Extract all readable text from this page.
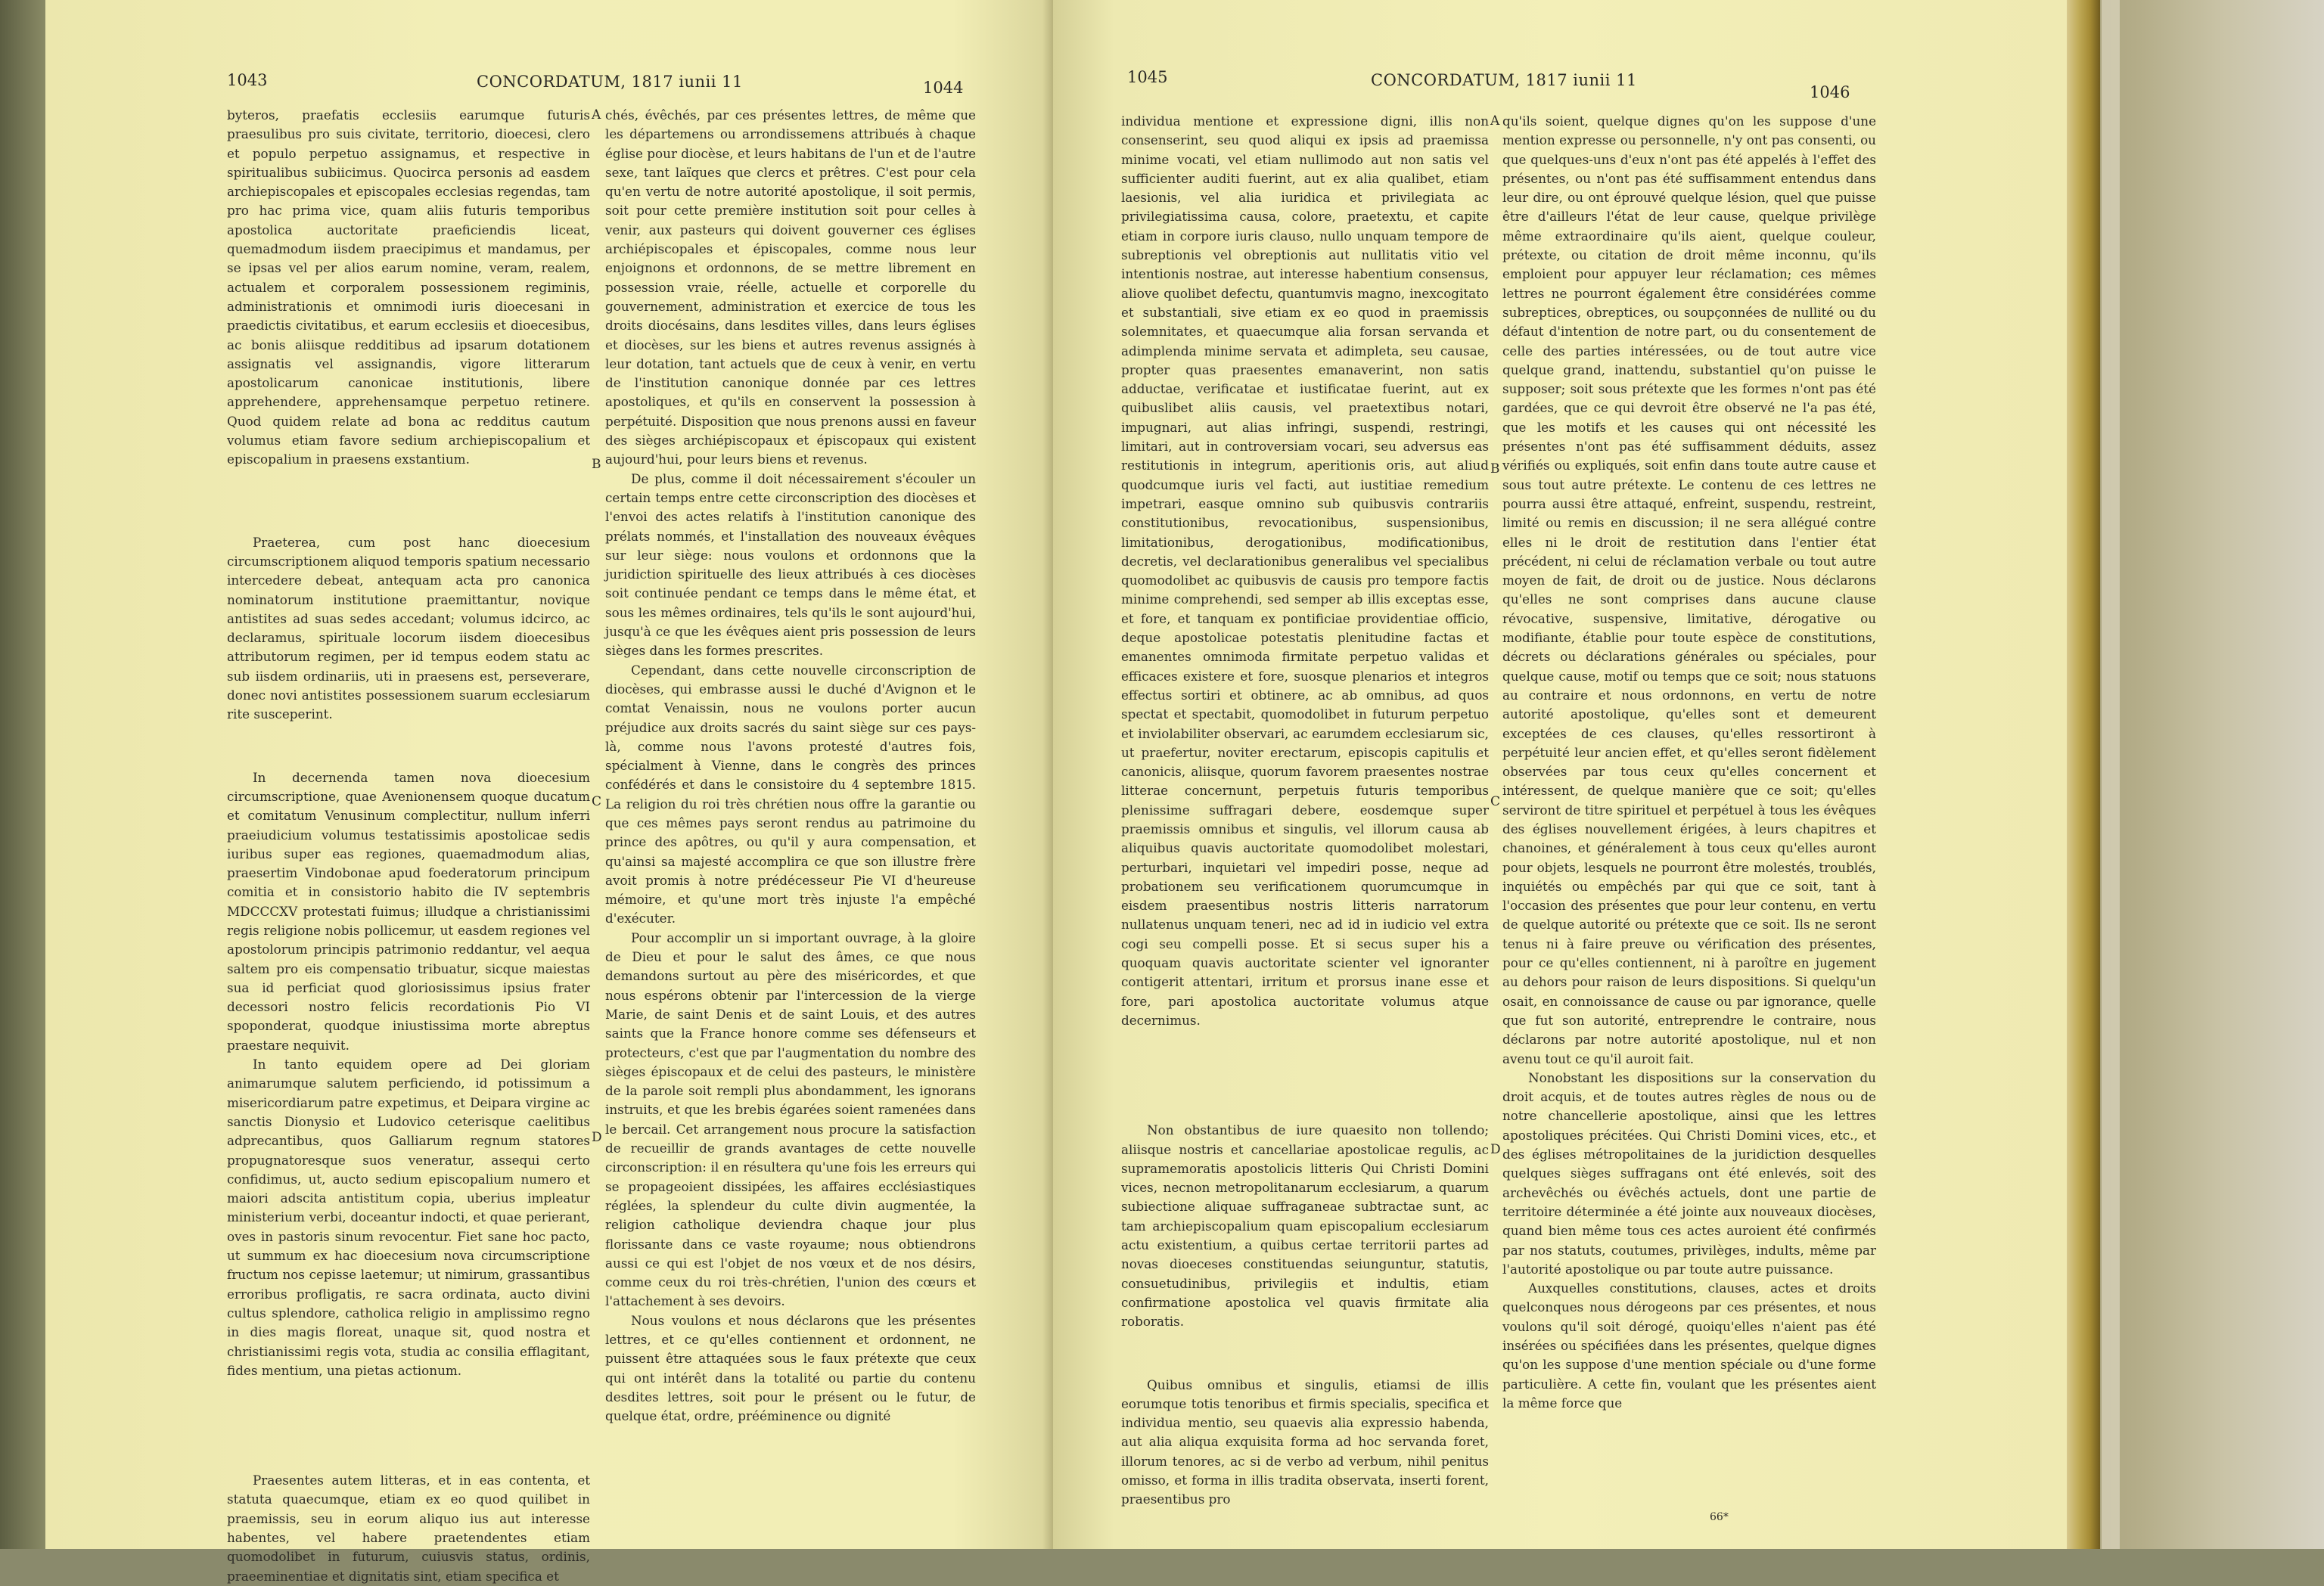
1043	CONCORDATUM, 1817 iunii 11	1044

byteros, praefatis ecclesiis earumque futuris praesulibus pro suis civitate, territorio, dioecesi, clero et populo perpetuo assignamus, et respective in spiritualibus subiicimus. Quocirca personis ad easdem archiepiscopales et episcopales ecclesias regendas, tam pro hac prima vice, quam aliis futuris temporibus apostolica auctoritate praeficiendis liceat, quemadmodum iisdem praecipimus et mandamus, per se ipsas vel per alios earum nomine, veram, realem, actualem et corporalem possessionem regiminis, administrationis et omnimodi iuris dioecesani in praedictis civitatibus, et earum ecclesiis et dioecesibus, ac bonis aliisque redditibus ad ipsarum dotationem assignatis vel assignandis, vigore litterarum apostolicarum canonicae institutionis, libere apprehendere, apprehensamque perpetuo retinere. Quod quidem relate ad bona ac redditus cautum volumus etiam favore sedium archiepiscopalium et episcopalium in praesens exstantium.

Praeterea, cum post hanc dioecesium circumscriptionem aliquod temporis spatium necessario intercedere debeat, antequam acta pro canonica nominatorum institutione praemittantur, novique antistites ad suas sedes accedant; volumus idcirco, ac declaramus, spirituale locorum iisdem dioecesibus attributorum regimen, per id tempus eodem statu ac sub iisdem ordinariis, uti in praesens est, perseverare, donec novi antistites possessionem suarum ecclesiarum rite susceperint.

In decernenda tamen nova dioecesium circumscriptione, quae Avenionensem quoque ducatum et comitatum Venusinum complectitur, nullum inferri praeiudicium volumus testatissimis apostolicae sedis iuribus super eas regiones, quaemadmodum alias, praesertim Vindobonae apud foederatorum principum comitia et in consistorio habito die IV septembris MDCCCXV protestati fuimus; illudque a christianissimi regis religione nobis pollicemur, ut easdem regiones vel apostolorum principis patrimonio reddantur, vel aequa saltem pro eis compensatio tribuatur, sicque maiestas sua id perficiat quod gloriosissimus ipsius frater decessori nostro felicis recordationis Pio VI spoponderat, quodque iniustissima morte abreptus praestare nequivit.

In tanto equidem opere ad Dei gloriam animarumque salutem perficiendo, id potissimum a misericordiarum patre expetimus, et Deipara virgine ac sanctis Dionysio et Ludovico ceterisque caelitibus adprecantibus, quos Galliarum regnum statores propugnatoresque suos veneratur, assequi certo confidimus, ut, aucto sedium episcopalium numero et maiori adscita antistitum copia, uberius impleatur ministerium verbi, doceantur indocti, et quae perierant, oves in pastoris sinum revocentur. Fiet sane hoc pacto, ut summum ex hac dioecesium nova circumscriptione fructum nos cepisse laetemur; ut nimirum, grassantibus erroribus profligatis, re sacra ordinata, aucto divini cultus splendore, catholica religio in amplissimo regno in dies magis floreat, unaque sit, quod nostra et christianissimi regis vota, studia ac consilia efflagitant, fides mentium, una pietas actionum.

Praesentes autem litteras, et in eas contenta, et statuta quaecumque, etiam ex eo quod quilibet in praemissis, seu in eorum aliquo ius aut interesse habentes, vel habere praetendentes etiam quomodolibet in futurum, cuiusvis status, ordinis, praeeminentiae et dignitatis sint, etiam specifica et

A
B
C
D

chés, évêchés, par ces présentes lettres, de même que les départemens ou arrondissemens attribués à chaque église pour diocèse, et leurs habitans de l'un et de l'autre sexe, tant laïques que clercs et prêtres. C'est pour cela qu'en vertu de notre autorité apostolique, il soit permis, soit pour cette première institution soit pour celles à venir, aux pasteurs qui doivent gouverner ces églises archiépiscopales et épiscopales, comme nous leur enjoignons et ordonnons, de se mettre librement en possession vraie, réelle, actuelle et corporelle du gouvernement, administration et exercice de tous les droits diocésains, dans lesdites villes, dans leurs églises et diocèses, sur les biens et autres revenus assignés à leur dotation, tant actuels que de ceux à venir, en vertu de l'institution canonique donnée par ces lettres apostoliques, et qu'ils en conservent la possession à perpétuité. Disposition que nous prenons aussi en faveur des sièges archiépiscopaux et épiscopaux qui existent aujourd'hui, pour leurs biens et revenus.

De plus, comme il doit nécessairement s'écouler un certain temps entre cette circonscription des diocèses et l'envoi des actes relatifs à l'institution canonique des prélats nommés, et l'installation des nouveaux évêques sur leur siège: nous voulons et ordonnons que la juridiction spirituelle des lieux attribués à ces diocèses soit continuée pendant ce temps dans le même état, et sous les mêmes ordinaires, tels qu'ils le sont aujourd'hui, jusqu'à ce que les évêques aient pris possession de leurs sièges dans les formes prescrites.

Cependant, dans cette nouvelle circonscription de diocèses, qui embrasse aussi le duché d'Avignon et le comtat Venaissin, nous ne voulons porter aucun préjudice aux droits sacrés du saint siège sur ces pays-là, comme nous l'avons protesté d'autres fois, spécialment à Vienne, dans le congrès des princes confédérés et dans le consistoire du 4 septembre 1815. La religion du roi très chrétien nous offre la garantie ou que ces mêmes pays seront rendus au patrimoine du prince des apôtres, ou qu'il y aura compensation, et qu'ainsi sa majesté accomplira ce que son illustre frère avoit promis à notre prédécesseur Pie VI d'heureuse mémoire, et qu'une mort très injuste l'a empêché d'exécuter.

Pour accomplir un si important ouvrage, à la gloire de Dieu et pour le salut des âmes, ce que nous demandons surtout au père des miséricordes, et que nous espérons obtenir par l'intercession de la vierge Marie, de saint Denis et de saint Louis, et des autres saints que la France honore comme ses défenseurs et protecteurs, c'est que par l'augmentation du nombre des sièges épiscopaux et de celui des pasteurs, le ministère de la parole soit rempli plus abondamment, les ignorans instruits, et que les brebis égarées soient ramenées dans le bercail. Cet arrangement nous procure la satisfaction de recueillir de grands avantages de cette nouvelle circonscription: il en résultera qu'une fois les erreurs qui se propageoient dissipées, les affaires ecclésiastiques réglées, la splendeur du culte divin augmentée, la religion catholique deviendra chaque jour plus florissante dans ce vaste royaume; nous obtiendrons aussi ce qui est l'objet de nos vœux et de nos désirs, comme ceux du roi très-chrétien, l'union des cœurs et l'attachement à ses devoirs.

Nous voulons et nous déclarons que les présentes lettres, et ce qu'elles contiennent et ordonnent, ne puissent être attaquées sous le faux prétexte que ceux qui ont intérêt dans la totalité ou partie du contenu desdites lettres, soit pour le présent ou le futur, de quelque état, ordre, prééminence ou dignité

1045	CONCORDATUM, 1817 iunii 11
1046

individua mentione et expressione digni, illis non consenserint, seu quod aliqui ex ipsis ad praemissa minime vocati, vel etiam nullimodo aut non satis vel sufficienter auditi fuerint, aut ex alia qualibet, etiam laesionis, vel alia iuridica et privilegiata ac privilegiatissima causa, colore, praetextu, et capite etiam in corpore iuris clauso, nullo unquam tempore de subreptionis vel obreptionis aut nullitatis vitio vel intentionis nostrae, aut interesse habentium consensus, aliove quolibet defectu, quantumvis magno, inexcogitato et substantiali, sive etiam ex eo quod in praemissis solemnitates, et quaecumque alia forsan servanda et adimplenda minime servata et adimpleta, seu causae, propter quas praesentes emanaverint, non satis adductae, verificatae et iustificatae fuerint, aut ex quibuslibet aliis causis, vel praetextibus notari, impugnari, aut alias infringi, suspendi, restringi, limitari, aut in controversiam vocari, seu adversus eas restitutionis in integrum, aperitionis oris, aut aliud quodcumque iuris vel facti, aut iustitiae remedium impetrari, easque omnino sub quibusvis contrariis constitutionibus, revocationibus, suspensionibus, limitationibus, derogationibus, modificationibus, decretis, vel declarationibus generalibus vel specialibus quomodolibet ac quibusvis de causis pro tempore factis minime comprehendi, sed semper ab illis exceptas esse, et fore, et tanquam ex pontificiae providentiae officio, deque apostolicae potestatis plenitudine factas et emanentes omnimoda firmitate perpetuo validas et efficaces existere et fore, suosque plenarios et integros effectus sortiri et obtinere, ac ab omnibus, ad quos spectat et spectabit, quomodolibet in futurum perpetuo et inviolabiliter observari, ac earumdem ecclesiarum sic, ut praefertur, noviter erectarum, episcopis capitulis et canonicis, aliisque, quorum favorem praesentes nostrae litterae concernunt, perpetuis futuris temporibus plenissime suffragari debere, eosdemque super praemissis omnibus et singulis, vel illorum causa ab aliquibus quavis auctoritate quomodolibet molestari, perturbari, inquietari vel impediri posse, neque ad probationem seu verificationem quorumcumque in eisdem praesentibus nostris litteris narratorum nullatenus unquam teneri, nec ad id in iudicio vel extra cogi seu compelli posse. Et si secus super his a quoquam quavis auctoritate scienter vel ignoranter contigerit attentari, irritum et prorsus inane esse et fore, pari apostolica auctoritate volumus atque decernimus.

Non obstantibus de iure quaesito non tollendo; aliisque nostris et cancellariae apostolicae regulis, ac supramemoratis apostolicis litteris Qui Christi Domini vices, necnon metropolitanarum ecclesiarum, a quarum subiectione aliquae suffraganeae subtractae sunt, ac tam archiepiscopalium quam episcopalium ecclesiarum actu existentium, a quibus certae territorii partes ad novas dioeceses constituendas seiunguntur, statutis, consuetudinibus, privilegiis et indultis, etiam confirmatione apostolica vel quavis firmitate alia roboratis.

Quibus omnibus et singulis, etiamsi de illis eorumque totis tenoribus et firmis specialis, specifica et individua mentio, seu quaevis alia expressio habenda, aut alia aliqua exquisita forma ad hoc servanda foret, illorum tenores, ac si de verbo ad verbum, nihil penitus omisso, et forma in illis tradita observata, inserti forent, praesentibus pro

A
B
C
D

qu'ils soient, quelque dignes qu'on les suppose d'une mention expresse ou personnelle, n'y ont pas consenti, ou que quelques-uns d'eux n'ont pas été appelés à l'effet des présentes, ou n'ont pas été suffisamment entendus dans leur dire, ou ont éprouvé quelque lésion, quel que puisse être d'ailleurs l'état de leur cause, quelque privilège même extraordinaire qu'ils aient, quelque couleur, prétexte, ou citation de droit même inconnu, qu'ils emploient pour appuyer leur réclamation; ces mêmes lettres ne pourront également être considérées comme subreptices, obreptices, ou soupçonnées de nullité ou du défaut d'intention de notre part, ou du consentement de celle des parties intéressées, ou de tout autre vice quelque grand, inattendu, substantiel qu'on puisse le supposer; soit sous prétexte que les formes n'ont pas été gardées, que ce qui devroit être observé ne l'a pas été, que les motifs et les causes qui ont nécessité les présentes n'ont pas été suffisamment déduits, assez vérifiés ou expliqués, soit enfin dans toute autre cause et sous tout autre prétexte. Le contenu de ces lettres ne pourra aussi être attaqué, enfreint, suspendu, restreint, limité ou remis en discussion; il ne sera allégué contre elles ni le droit de restitution dans l'entier état précédent, ni celui de réclamation verbale ou tout autre moyen de fait, de droit ou de justice. Nous déclarons qu'elles ne sont comprises dans aucune clause révocative, suspensive, limitative, dérogative ou modifiante, établie pour toute espèce de constitutions, décrets ou déclarations générales ou spéciales, pour quelque cause, motif ou temps que ce soit; nous statuons au contraire et nous ordonnons, en vertu de notre autorité apostolique, qu'elles sont et demeurent exceptées de ces clauses, qu'elles ressortiront à perpétuité leur ancien effet, et qu'elles seront fidèlement observées par tous ceux qu'elles concernent et intéressent, de quelque manière que ce soit; qu'elles serviront de titre spirituel et perpétuel à tous les évêques des églises nouvellement érigées, à leurs chapitres et chanoines, et généralement à tous ceux qu'elles auront pour objets, lesquels ne pourront être molestés, troublés, inquiétés ou empêchés par qui que ce soit, tant à l'occasion des présentes que pour leur contenu, en vertu de quelque autorité ou prétexte que ce soit. Ils ne seront tenus ni à faire preuve ou vérification des présentes, pour ce qu'elles contiennent, ni à paroître en jugement au dehors pour raison de leurs dispositions. Si quelqu'un osait, en connoissance de cause ou par ignorance, quelle que fut son autorité, entreprendre le contraire, nous déclarons par notre autorité apostolique, nul et non avenu tout ce qu'il auroit fait.

Nonobstant les dispositions sur la conservation du droit acquis, et de toutes autres règles de nous ou de notre chancellerie apostolique, ainsi que les lettres apostoliques précitées. Qui Christi Domini vices, etc., et des églises métropolitaines de la juridiction desquelles quelques sièges suffragans ont été enlevés, soit des archevêchés ou évêchés actuels, dont une partie de territoire déterminée a été jointe aux nouveaux diocèses, quand bien même tous ces actes auroient été confirmés par nos statuts, coutumes, privilèges, indults, même par l'autorité apostolique ou par toute autre puissance.

Auxquelles constitutions, clauses, actes et droits quelconques nous dérogeons par ces présentes, et nous voulons qu'il soit dérogé, quoiqu'elles n'aient pas été insérées ou spécifiées dans les présentes, quelque dignes qu'on les suppose d'une mention spéciale ou d'une forme particulière. A cette fin, voulant que les présentes aient la même force que

66*
